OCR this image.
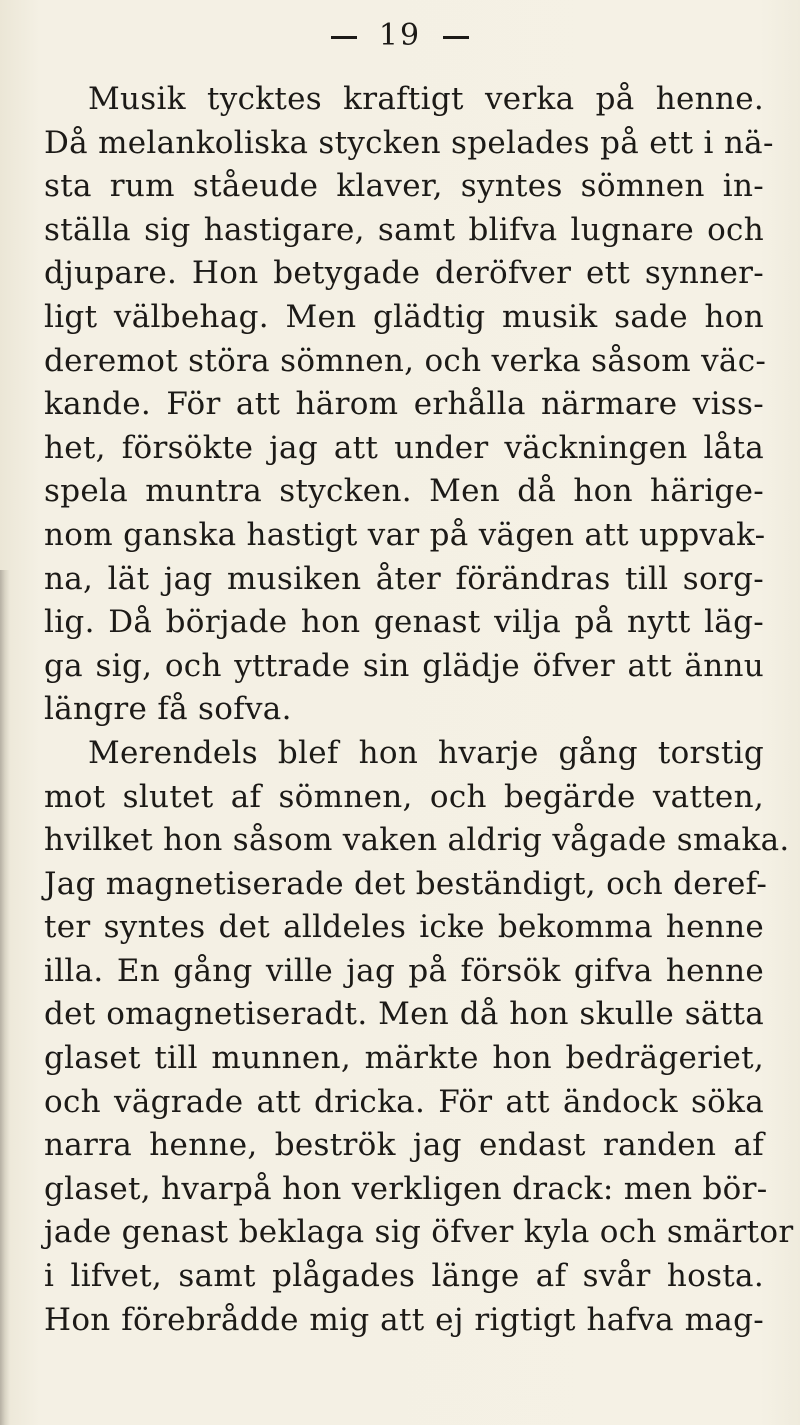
19
Musik tycktes kraftigt verka på henne.
Då melankoliska stycken spelades på ett i nä-
sta rum ståeude klaver, syntes sömnen in-
ställa sig hastigare, samt blifva lugnare och
djupare. Hon betygade deröfver ett synner-
ligt välbehag. Men glädtig musik sade hon
deremot störa sömnen, och verka såsom väc-
kande. För att härom erhålla närmare viss-
het, försökte jag att under väckningen låta
spela muntra stycken. Men då hon härige-
nom ganska hastigt var på vägen att uppvak-
na, lät jag musiken åter förändras till sorg-
lig. Då började hon genast vilja på nytt läg-
ga sig, och yttrade sin glädje öfver att ännu
längre få sofva.
Merendels blef hon hvarje gång torstig
mot slutet af sömnen, och begärde vatten,
hvilket hon såsom vaken aldrig vågade smaka.
Jag magnetiserade det beständigt, och deref-
ter syntes det alldeles icke bekomma henne
illa. En gång ville jag på försök gifva henne
det omagnetiseradt. Men då hon skulle sätta
glaset till munnen, märkte hon bedrägeriet,
och vägrade att dricka. För att ändock söka
narra henne, beströk jag endast randen af
glaset, hvarpå hon verkligen drack: men bör-
jade genast beklaga sig öfver kyla och smärtor
i lifvet, samt plågades länge af svår hosta.
Hon förebrådde mig att ej rigtigt hafva mag-
